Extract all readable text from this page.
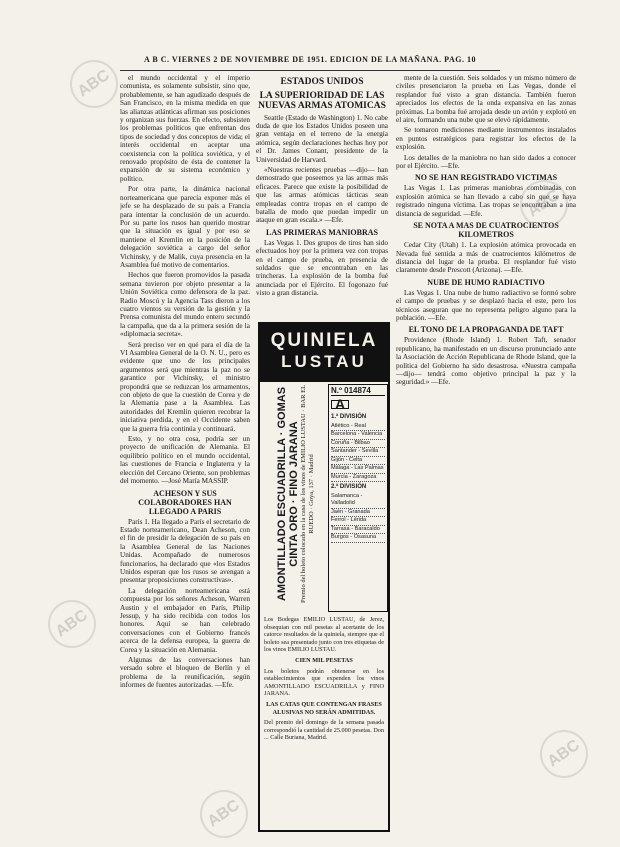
A B C. VIERNES 2 DE NOVIEMBRE DE 1951. EDICION DE LA MAÑANA. PAG. 10

el mundo occidental y el imperio comunista, es solamente subsistir, sino que, probablemente, se han agudizado después de San Francisco, en la misma medida en que las alianzas atlánticas afirman sus posiciones y organizan sus fuerzas. En efecto, subsisten los problemas políticos que enfrentan dos tipos de sociedad y dos conceptos de vida; el interés occidental en aceptar una coexistencia con la política soviética, y el renovado propósito de ésta de contener la expansión de su sistema económico y político.

Por otra parte, la dinámica nacional norteamericana que parecía exponer más el jefe se ha desplazado de su país a Francia para intentar la conclusión de un acuerdo. Por su parte los rusos han querido mostrar que la situación es igual y por eso se mantiene el Kremlin en la posición de la delegación soviética a cargo del señor Vichinsky, y de Malik, cuya presencia en la Asamblea fué motivo de comentarios.

Hechos que fueron promovidos la pasada semana tuvieron por objeto presentar a la Unión Soviética como defensora de la paz. Radio Moscú y la Agencia Tass dieron a los cuatro vientos su versión de la gestión y la Prensa comunista del mundo entero secundó la campaña, que da a la primera sesión de la «diplomacia secreta».

Será preciso ver en qué para el día de la VI Asamblea General de la O. N. U., pero es evidente que uno de los principales argumentos será que mientras la paz no se garantice por Vichinsky, el ministro propondrá que se reduzcan los armamentos, con objeto de que la cuestión de Corea y de la Alemania pase a la Asamblea. Las autoridades del Kremlin quieren recobrar la iniciativa perdida, y en el Occidente saben que la guerra fría continúa y continuará.

Esto, y no otra cosa, podría ser un proyecto de unificación de Alemania. El equilibrio político en el mundo occidental, las cuestiones de Francia e Inglaterra y la elección del Cercano Oriente, son problemas del momento. —José María MASSIP.

ACHESON Y SUS COLABORADORES HAN LLEGADO A PARIS

París 1. Ha llegado a París el secretario de Estado norteamericano, Dean Acheson, con el fin de presidir la delegación de su país en la Asamblea General de las Naciones Unidas. Acompañado de numerosos funcionarios, ha declarado que «los Estados Unidos esperan que los rusos se avengan a presentar proposiciones constructivas».

La delegación norteamericana está compuesta por los señores Acheson, Warren Austin y el embajador en París, Philip Jessup, y ha sido recibida con todos los honores. Aquí se han celebrado conversaciones con el Gobierno francés acerca de la defensa europea, la guerra de Corea y la situación en Alemania.

Algunas de las conversaciones han versado sobre el bloqueo de Berlín y el problema de la reunificación, según informes de fuentes autorizadas. —Efe.

ESTADOS UNIDOS
LA SUPERIORIDAD DE LAS NUEVAS ARMAS ATOMICAS

Seattle (Estado de Washington) 1. No cabe duda de que los Estados Unidos poseen una gran ventaja en el terreno de la energía atómica, según declaraciones hechas hoy por el Dr. James Conant, presidente de la Universidad de Harvard.

«Nuestras recientes pruebas —dijo— han demostrado que poseemos ya las armas más eficaces. Parece que existe la posibilidad de que las armas atómicas tácticas sean empleadas contra tropas en el campo de batalla de modo que puedan impedir un ataque en gran escala.» —Efe.

LAS PRIMERAS MANIOBRAS

Las Vegas 1. Dos grupos de tiros han sido efectuados hoy por la primera vez con tropas en el campo de prueba, en presencia de soldados que se encontraban en las trincheras. La explosión de la bomba fué anunciada por el Ejército. El fogonazo fué visto a gran distancia.

QUINIELA
LUSTAU
AMONTILLADO ESCUADRILLA · GOMAS CINTA ORO · FINO JARANA Premio del boleto colocado en la casa de los vinos de EMILIO LUSTAU · BAR EL RUEDO · Goya, 137 · Madrid
N.º 014874
A
1.ª DIVISIÓN
Atlético - Real
Barcelona - Valencia
Coruña - Bilbao
Santander - Sevilla
Gijón - Celta
Málaga - Las Palmas
Murcia - Zaragoza
2.ª DIVISIÓN
Salamanca - Valladolid
Jaén - Granada
Ferrol - Lérida
Tarrasa - Baracaldo
Burgos - Osasuna

Los Bodegas EMILIO LUSTAU, de Jerez, obsequian con mil pesetas al acertante de los catorce resultados de la quiniela, siempre que el boleto sea presentado junto con tres etiquetas de los vinos EMILIO LUSTAU.

CIEN MIL PESETAS

Los boletos podrán obtenerse en los establecimientos que expenden los vinos AMONTILLADO ESCUADRILLA y FINO JARANA.

LAS CATAS QUE CONTENGAN FRASES ALUSIVAS NO SERÁN ADMITIDAS.

Del premio del domingo de la semana pasada correspondió la cantidad de 25.000 pesetas. Don ... Calle Buriana, Madrid.

mente de la cuestión. Seis soldados y un mismo número de civiles presenciaron la prueba en Las Vegas, donde el resplandor fué visto a gran distancia. También fueron apreciados los efectos de la onda expansiva en las zonas próximas. La bomba fué arrojada desde un avión y explotó en el aire, formando una nube que se elevó rápidamente.

Se tomaron mediciones mediante instrumentos instalados en puntos estratégicos para registrar los efectos de la explosión.

Los detalles de la maniobra no han sido dados a conocer por el Ejército. —Efe.

NO SE HAN REGISTRADO VICTIMAS

Las Vegas 1. Las primeras maniobras combinadas con explosión atómica se han llevado a cabo sin que se haya registrado ninguna víctima. Las tropas se encontraban a una distancia de seguridad. —Efe.

SE NOTA A MAS DE CUATROCIENTOS KILOMETROS

Cedar City (Utah) 1. La explosión atómica provocada en Nevada fué sentida a más de cuatrocientos kilómetros de distancia del lugar de la prueba. El resplandor fué visto claramente desde Prescott (Arizona). —Efe.

NUBE DE HUMO RADIACTIVO

Las Vegas 1. Una nube de humo radiactivo se formó sobre el campo de pruebas y se desplazó hacia el este, pero los técnicos aseguran que no representa peligro alguno para la población. —Efe.

EL TONO DE LA PROPAGANDA DE TAFT

Providence (Rhode Island) 1. Robert Taft, senador republicano, ha manifestado en un discurso pronunciado ante la Asociación de Acción Republicana de Rhode Island, que la política del Gobierno ha sido desastrosa. «Nuestra campaña —dijo— tendrá como objetivo principal la paz y la seguridad.» —Efe.

ABC
ABC
ABC
ABC
ABC
